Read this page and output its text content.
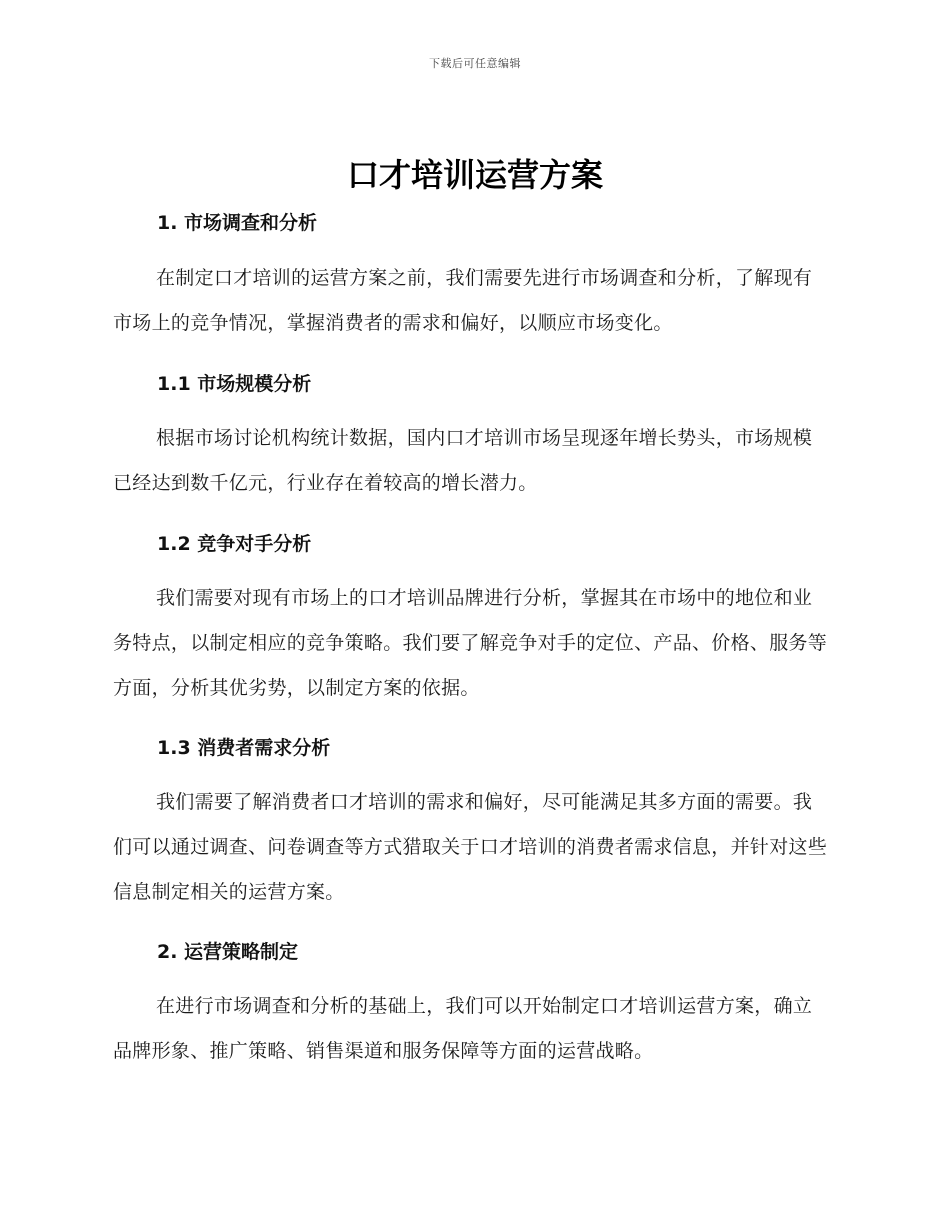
下载后可任意编辑
口才培训运营方案
1. 市场调查和分析

在制定口才培训的运营方案之前，我们需要先进行市场调查和分析，了解现有市场上的竞争情况，掌握消费者的需求和偏好，以顺应市场变化。

1.1 市场规模分析

根据市场讨论机构统计数据，国内口才培训市场呈现逐年增长势头，市场规模已经达到数千亿元，行业存在着较高的增长潜力。

1.2 竞争对手分析

我们需要对现有市场上的口才培训品牌进行分析，掌握其在市场中的地位和业务特点，以制定相应的竞争策略。我们要了解竞争对手的定位、产品、价格、服务等方面，分析其优劣势，以制定方案的依据。

1.3 消费者需求分析

我们需要了解消费者口才培训的需求和偏好，尽可能满足其多方面的需要。我们可以通过调查、问卷调查等方式猎取关于口才培训的消费者需求信息，并针对这些信息制定相关的运营方案。

2. 运营策略制定

在进行市场调查和分析的基础上，我们可以开始制定口才培训运营方案，确立品牌形象、推广策略、销售渠道和服务保障等方面的运营战略。
